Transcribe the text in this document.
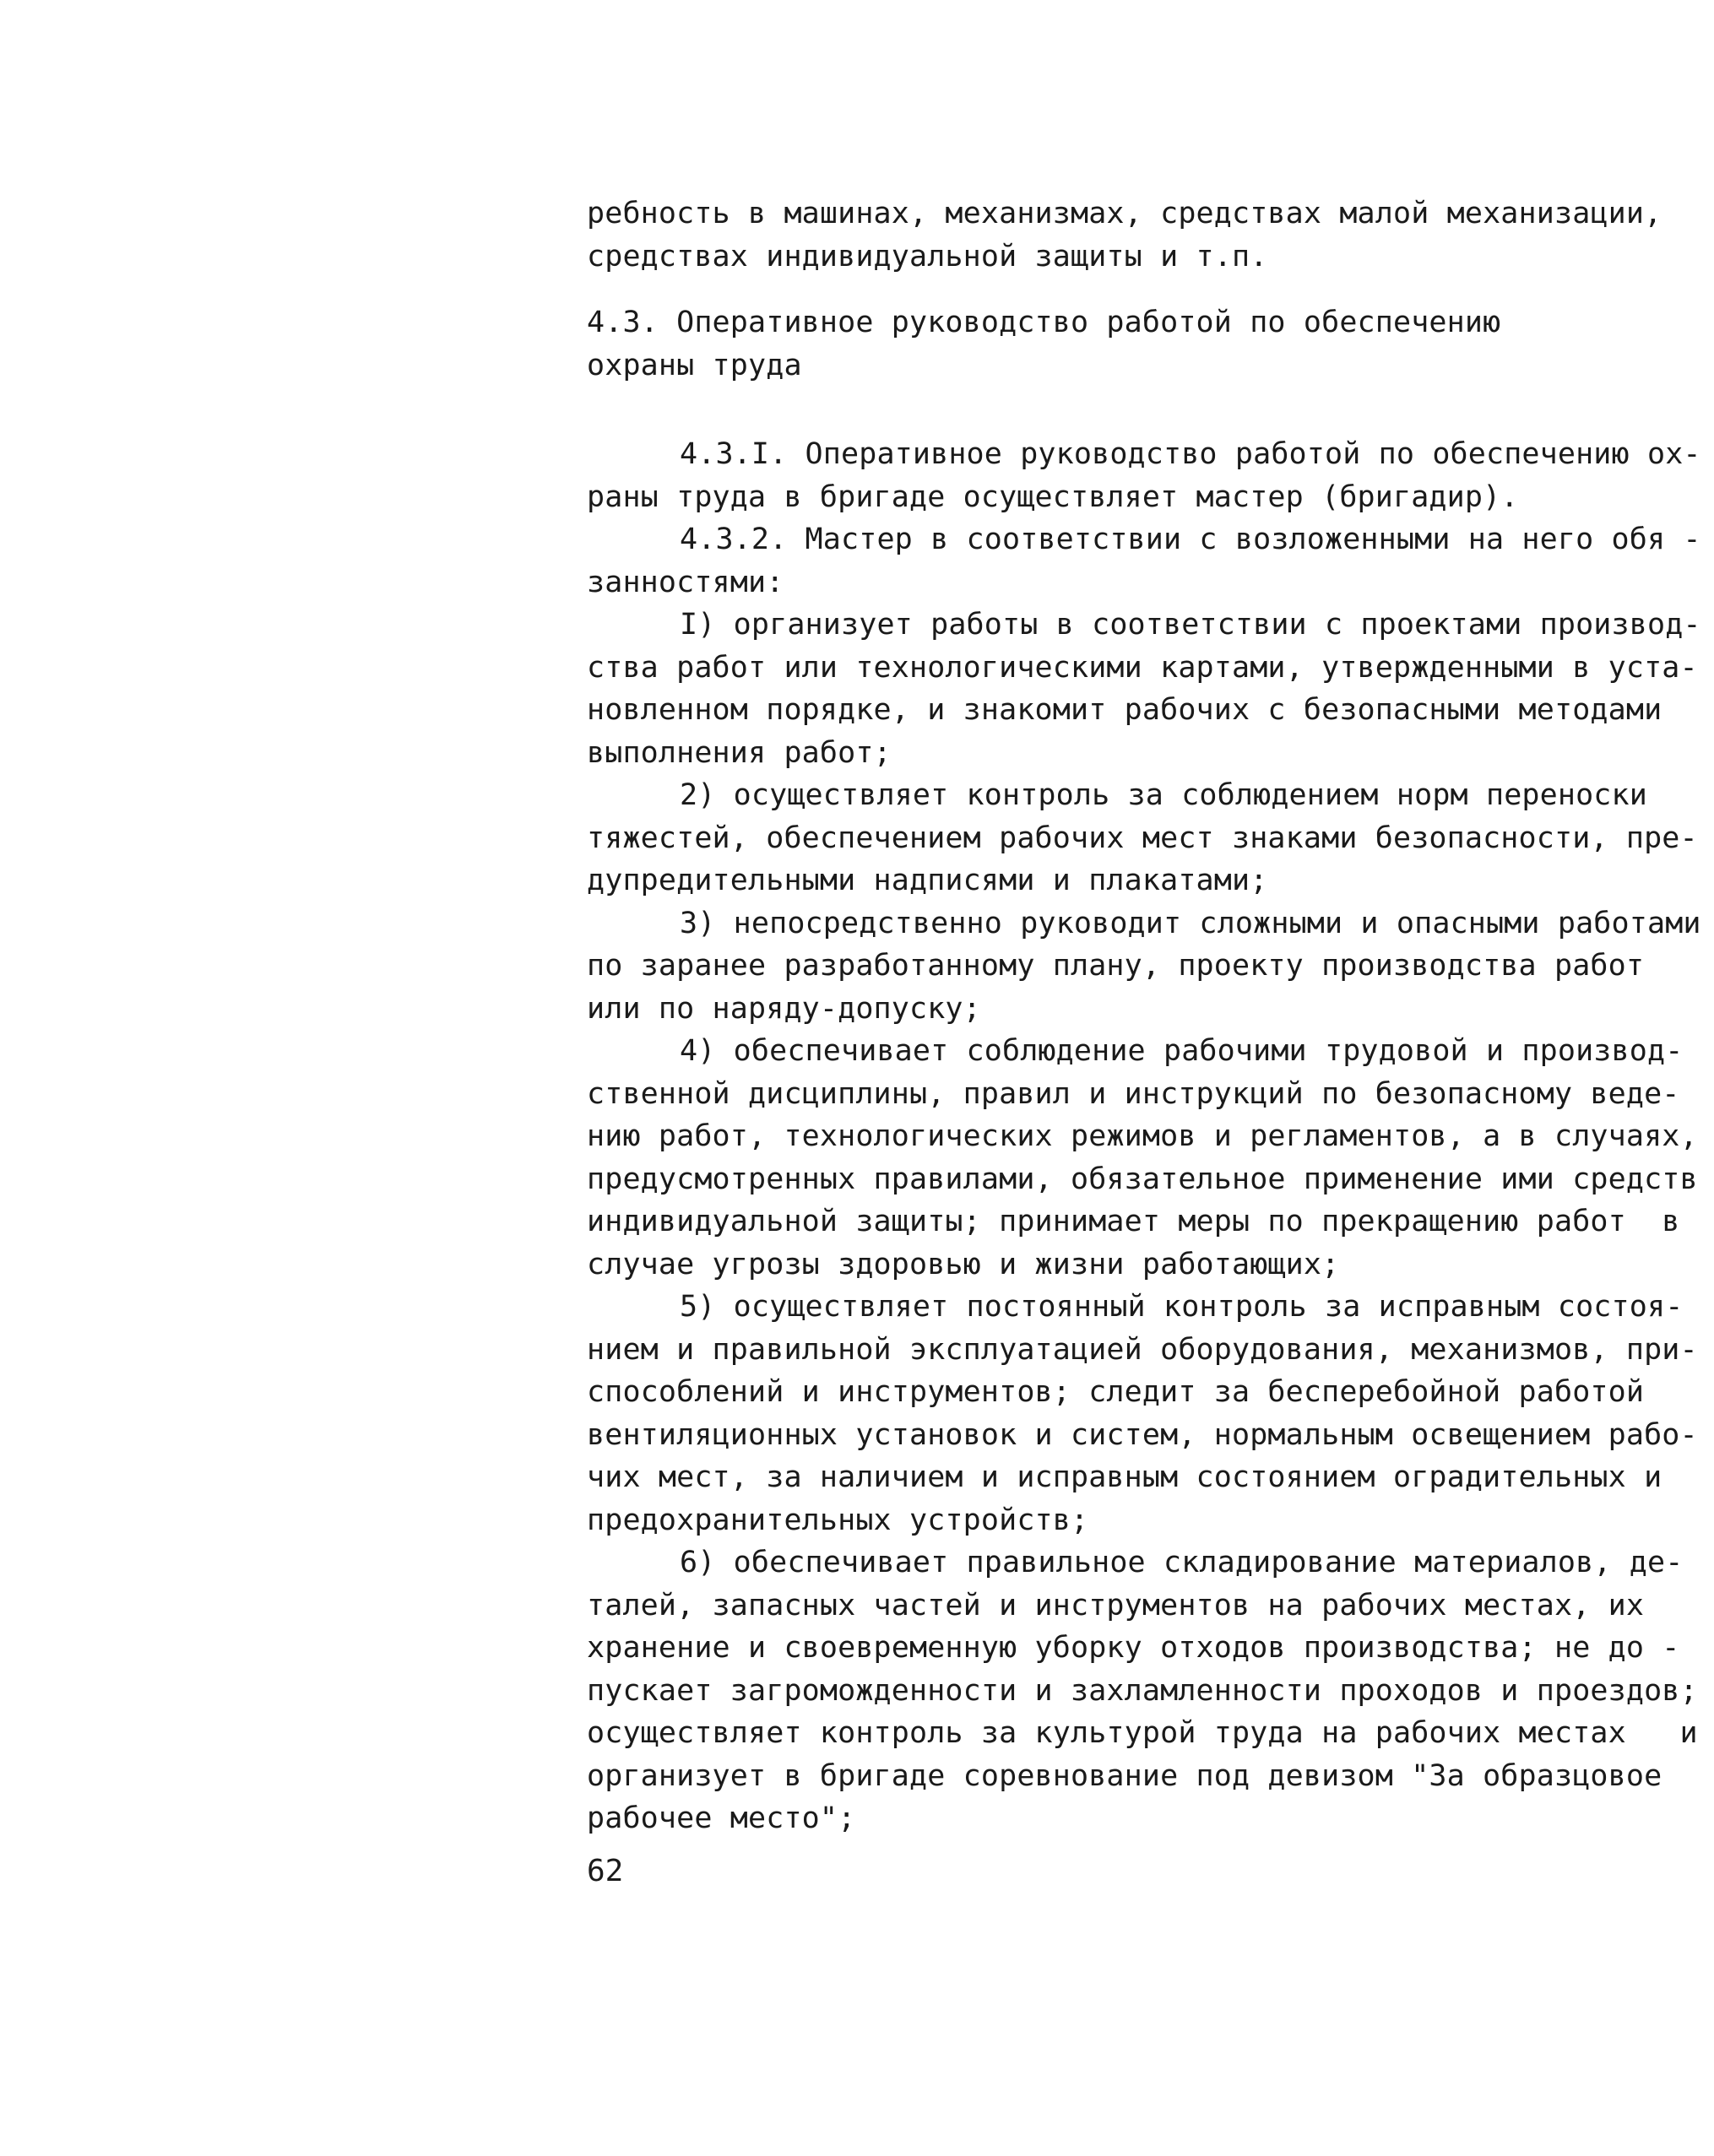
ребность в машинах, механизмах, средствах малой механизации,
средствах индивидуальной защиты и т.п.
4.3. Оперативное руководство работой по обеспечению
охраны труда
4.3.I. Оперативное руководство работой по обеспечению ох-
раны труда в бригаде осуществляет мастер (бригадир).
4.3.2. Мастер в соответствии с возложенными на него обя -
занностями:
I) организует работы в соответствии с проектами производ-
ства работ или технологическими картами, утвержденными в уста-
новленном порядке, и знакомит рабочих с безопасными методами
выполнения работ;
2) осуществляет контроль за соблюдением норм переноски
тяжестей, обеспечением рабочих мест знаками безопасности, пре-
дупредительными надписями и плакатами;
3) непосредственно руководит сложными и опасными работами
по заранее разработанному плану, проекту производства работ
или по наряду-допуску;
4) обеспечивает соблюдение рабочими трудовой и производ-
ственной дисциплины, правил и инструкций по безопасному веде-
нию работ, технологических режимов и регламентов, а в случаях,
предусмотренных правилами, обязательное применение ими средств
индивидуальной защиты; принимает меры по прекращению работ  в
случае угрозы здоровью и жизни работающих;
5) осуществляет постоянный контроль за исправным состоя-
нием и правильной эксплуатацией оборудования, механизмов, при-
способлений и инструментов; следит за бесперебойной работой
вентиляционных установок и систем, нормальным освещением рабо-
чих мест, за наличием и исправным состоянием оградительных и
предохранительных устройств;
6) обеспечивает правильное складирование материалов, де-
талей, запасных частей и инструментов на рабочих местах, их
хранение и своевременную уборку отходов производства; не до -
пускает загроможденности и захламленности проходов и проездов;
осуществляет контроль за культурой труда на рабочих местах   и
организует в бригаде соревнование под девизом "За образцовое
рабочее место";
62
